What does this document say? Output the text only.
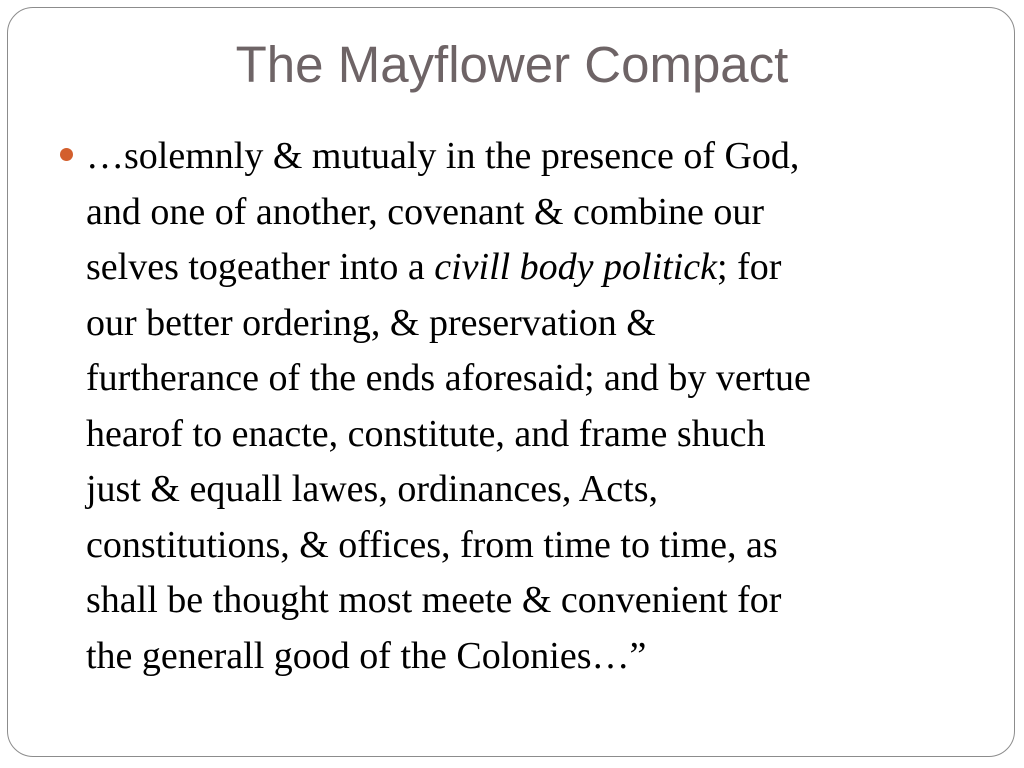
The Mayflower Compact
…solemnly & mutualy in the presence of God,
and one of another, covenant & combine our
selves togeather into a civill body politick; for
our better ordering, & preservation &
furtherance of the ends aforesaid; and by vertue
hearof to enacte, constitute, and frame shuch
just & equall lawes, ordinances, Acts,
constitutions, & offices, from time to time, as
shall be thought most meete & convenient for
the generall good of the Colonies…”
